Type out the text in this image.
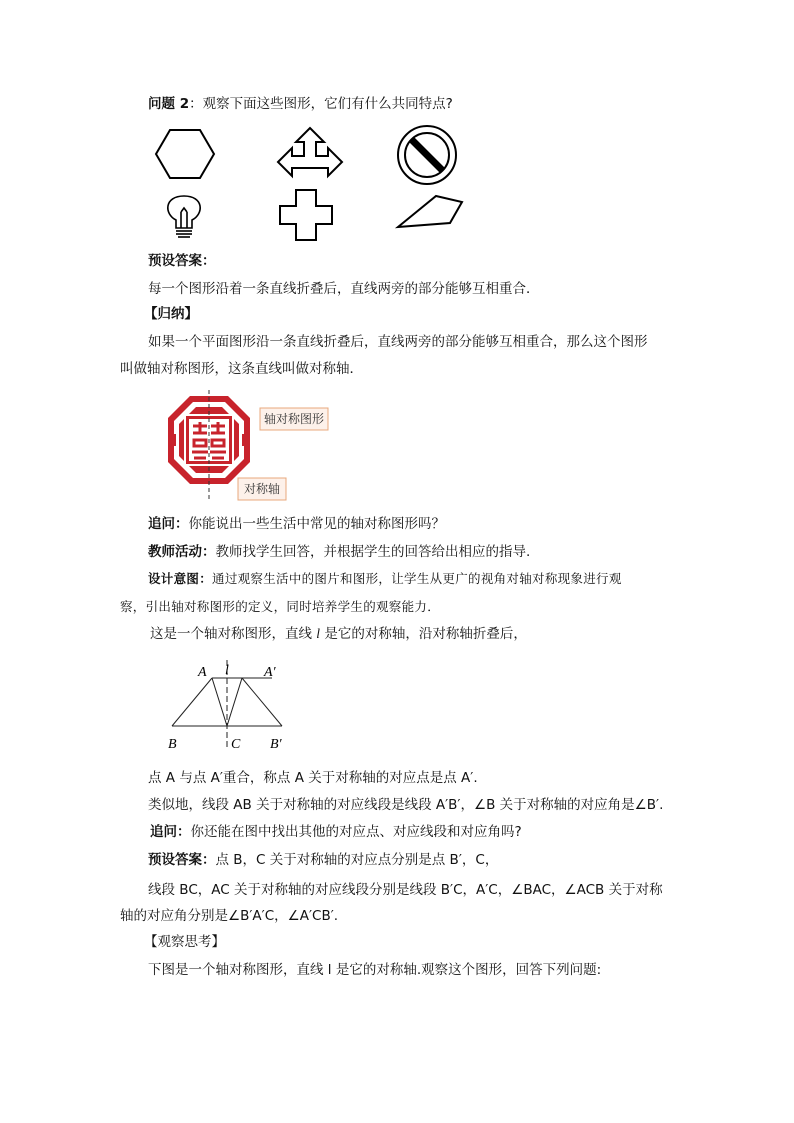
问题 2：观察下面这些图形，它们有什么共同特点?
预设答案：
每一个图形沿着一条直线折叠后，直线两旁的部分能够互相重合．
【归纳】
如果一个平面图形沿一条直线折叠后，直线两旁的部分能够互相重合，那么这个图形
叫做轴对称图形，这条直线叫做对称轴．
轴对称图形
对称轴
追问：你能说出一些生活中常见的轴对称图形吗？
教师活动：教师找学生回答，并根据学生的回答给出相应的指导.
设计意图：通过观察生活中的图片和图形，让学生从更广的视角对轴对称现象进行观
察，引出轴对称图形的定义，同时培养学生的观察能力．
这是一个轴对称图形，直线 l 是它的对称轴，沿对称轴折叠后，
A l	A′
B	C B′
点 A 与点 A′重合，称点 A 关于对称轴的对应点是点 A′.
类似地，线段 AB 关于对称轴的对应线段是线段 A′B′，∠B 关于对称轴的对应角是∠B′.
追问：你还能在图中找出其他的对应点、对应线段和对应角吗?
预设答案：点 B，C 关于对称轴的对应点分别是点 B′，C，
线段 BC，AC 关于对称轴的对应线段分别是线段 B′C，A′C，∠BAC，∠ACB 关于对称
轴的对应角分别是∠B′A′C，∠A′CB′.
【观察思考】
下图是一个轴对称图形，直线 l 是它的对称轴.观察这个图形，回答下列问题:
